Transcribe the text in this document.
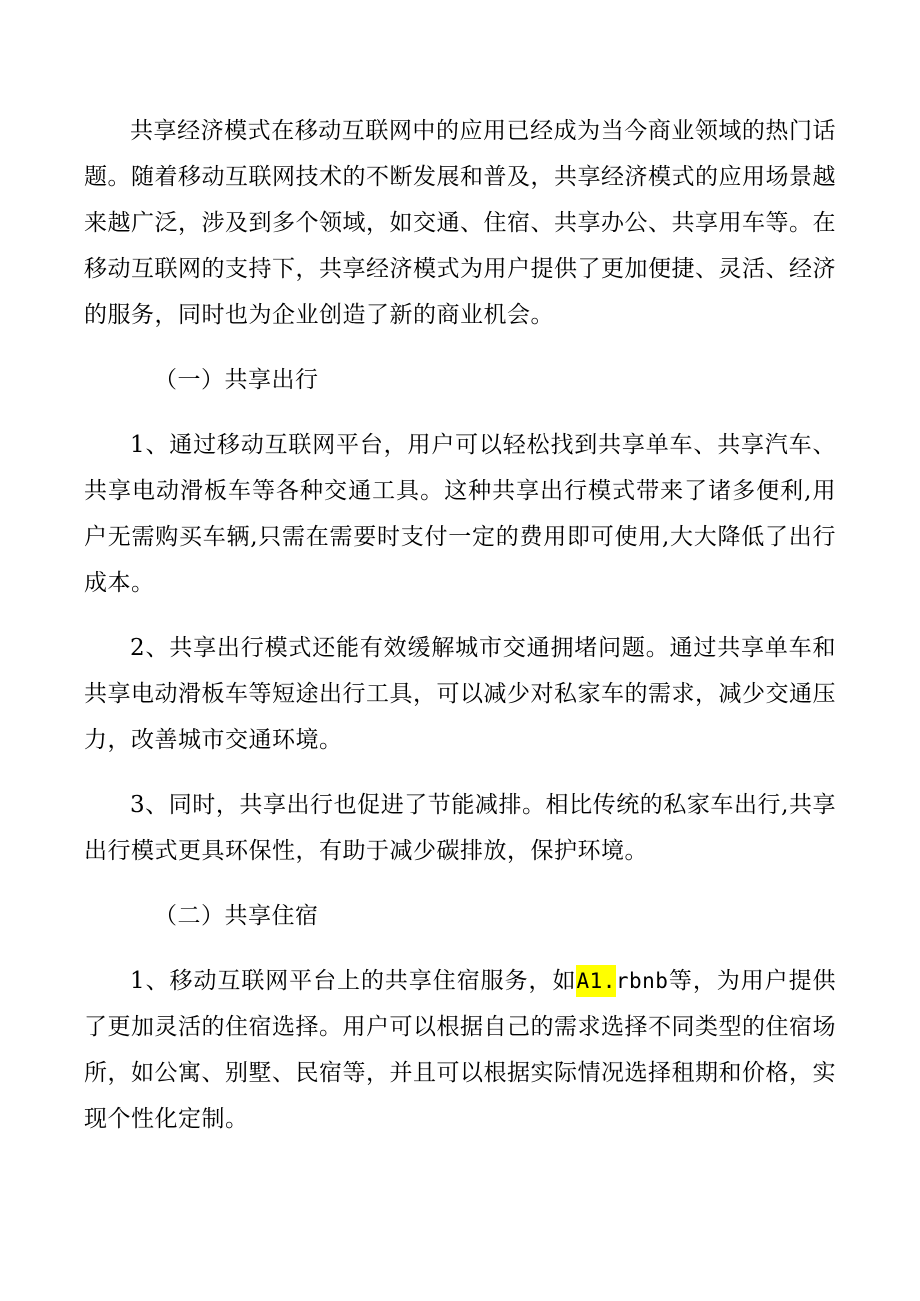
共享经济模式在移动互联网中的应用已经成为当今商业领域的热门话题。随着移动互联网技术的不断发展和普及，共享经济模式的应用场景越来越广泛，涉及到多个领域，如交通、住宿、共享办公、共享用车等。在移动互联网的支持下，共享经济模式为用户提供了更加便捷、灵活、经济的服务，同时也为企业创造了新的商业机会。

（一）共享出行

1、通过移动互联网平台，用户可以轻松找到共享单车、共享汽车、共享电动滑板车等各种交通工具。这种共享出行模式带来了诸多便利,用户无需购买车辆,只需在需要时支付一定的费用即可使用,大大降低了出行成本。

2、共享出行模式还能有效缓解城市交通拥堵问题。通过共享单车和共享电动滑板车等短途出行工具，可以减少对私家车的需求，减少交通压力，改善城市交通环境。

3、同时，共享出行也促进了节能减排。相比传统的私家车出行,共享出行模式更具环保性，有助于减少碳排放，保护环境。

（二）共享住宿

1、移动互联网平台上的共享住宿服务，如A1.rbnb等，为用户提供了更加灵活的住宿选择。用户可以根据自己的需求选择不同类型的住宿场所，如公寓、别墅、民宿等，并且可以根据实际情况选择租期和价格，实现个性化定制。
